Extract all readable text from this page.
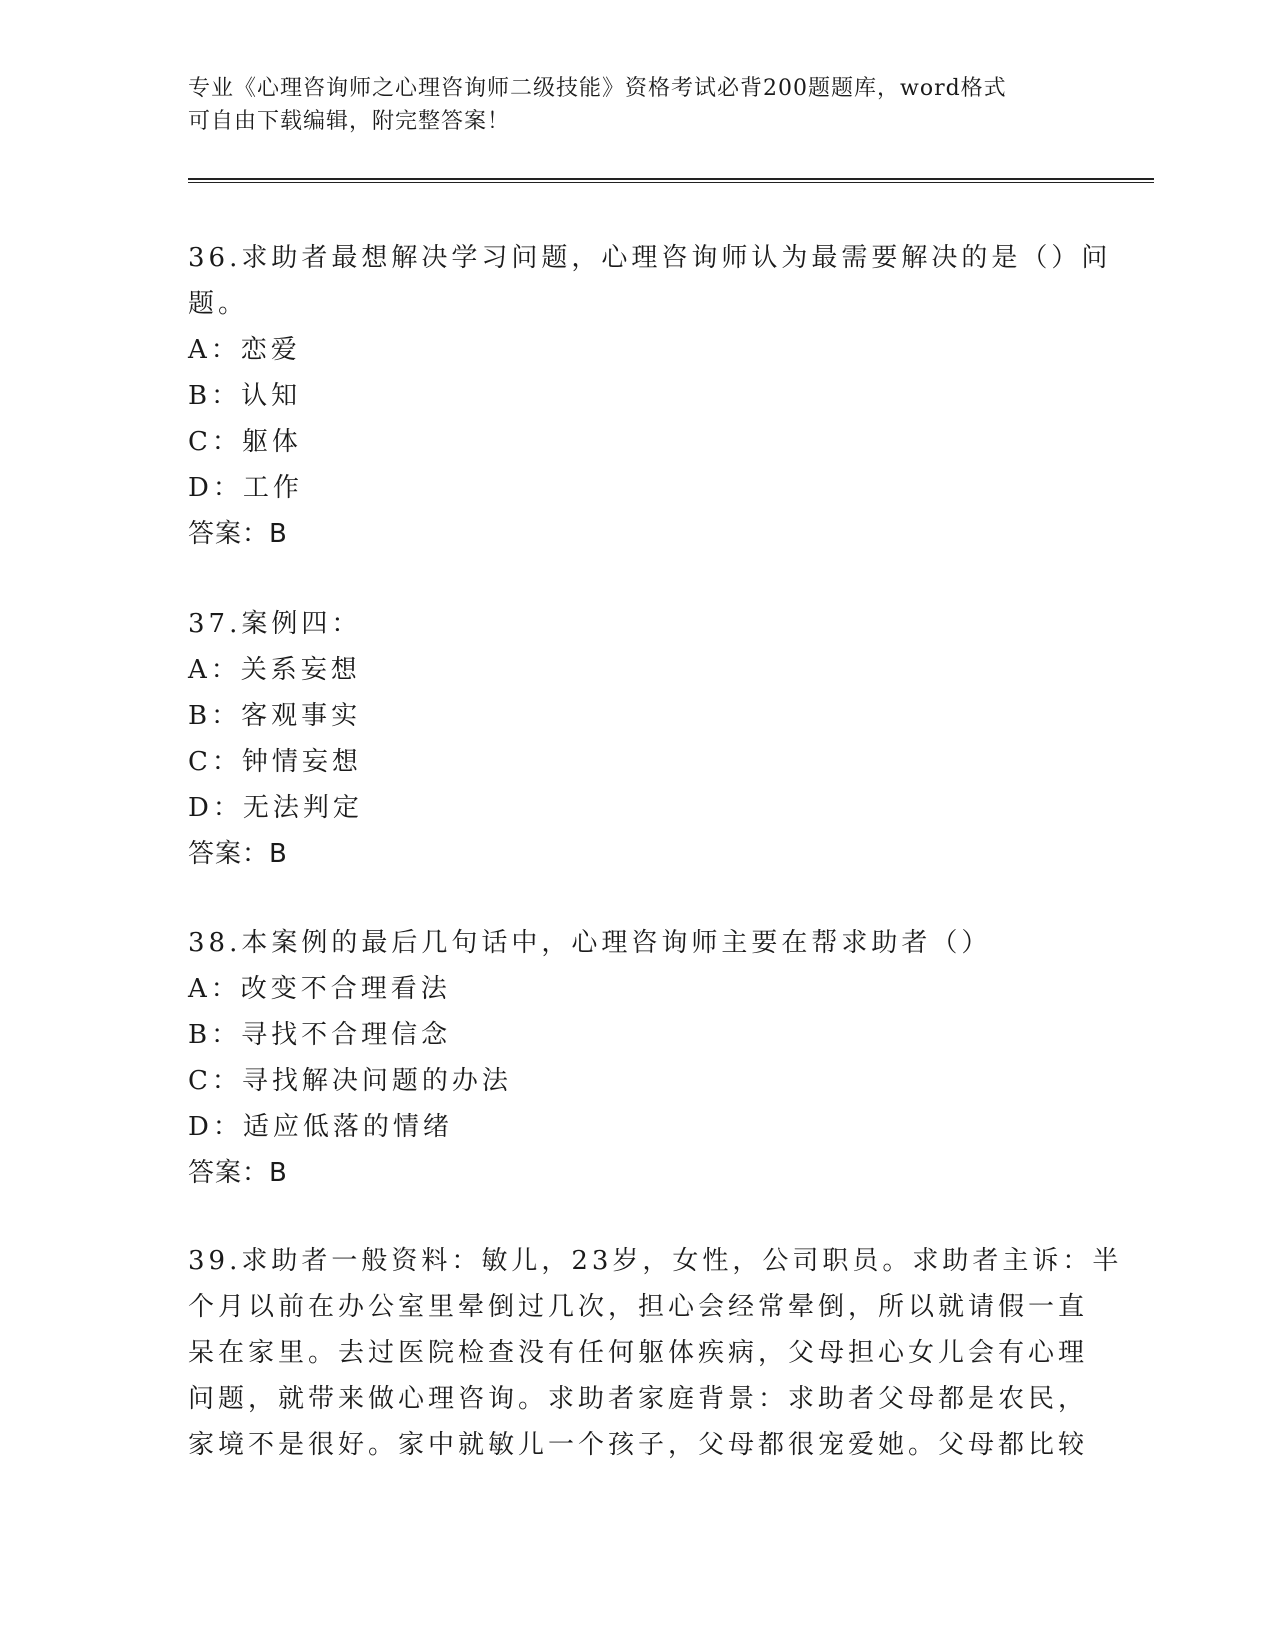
专业《心理咨询师之心理咨询师二级技能》资格考试必背200题题库，word格式
可自由下载编辑，附完整答案！
36.求助者最想解决学习问题，心理咨询师认为最需要解决的是（）问
题。
A：恋爱
B：认知
C：躯体
D：工作
答案：B
37.案例四：
A：关系妄想
B：客观事实
C：钟情妄想
D：无法判定
答案：B
38.本案例的最后几句话中，心理咨询师主要在帮求助者（）
A：改变不合理看法
B：寻找不合理信念
C：寻找解决问题的办法
D：适应低落的情绪
答案：B
39.求助者一般资料：敏儿，23岁，女性，公司职员。求助者主诉：半
个月以前在办公室里晕倒过几次，担心会经常晕倒，所以就请假一直
呆在家里。去过医院检查没有任何躯体疾病，父母担心女儿会有心理
问题，就带来做心理咨询。求助者家庭背景：求助者父母都是农民，
家境不是很好。家中就敏儿一个孩子，父母都很宠爱她。父母都比较
